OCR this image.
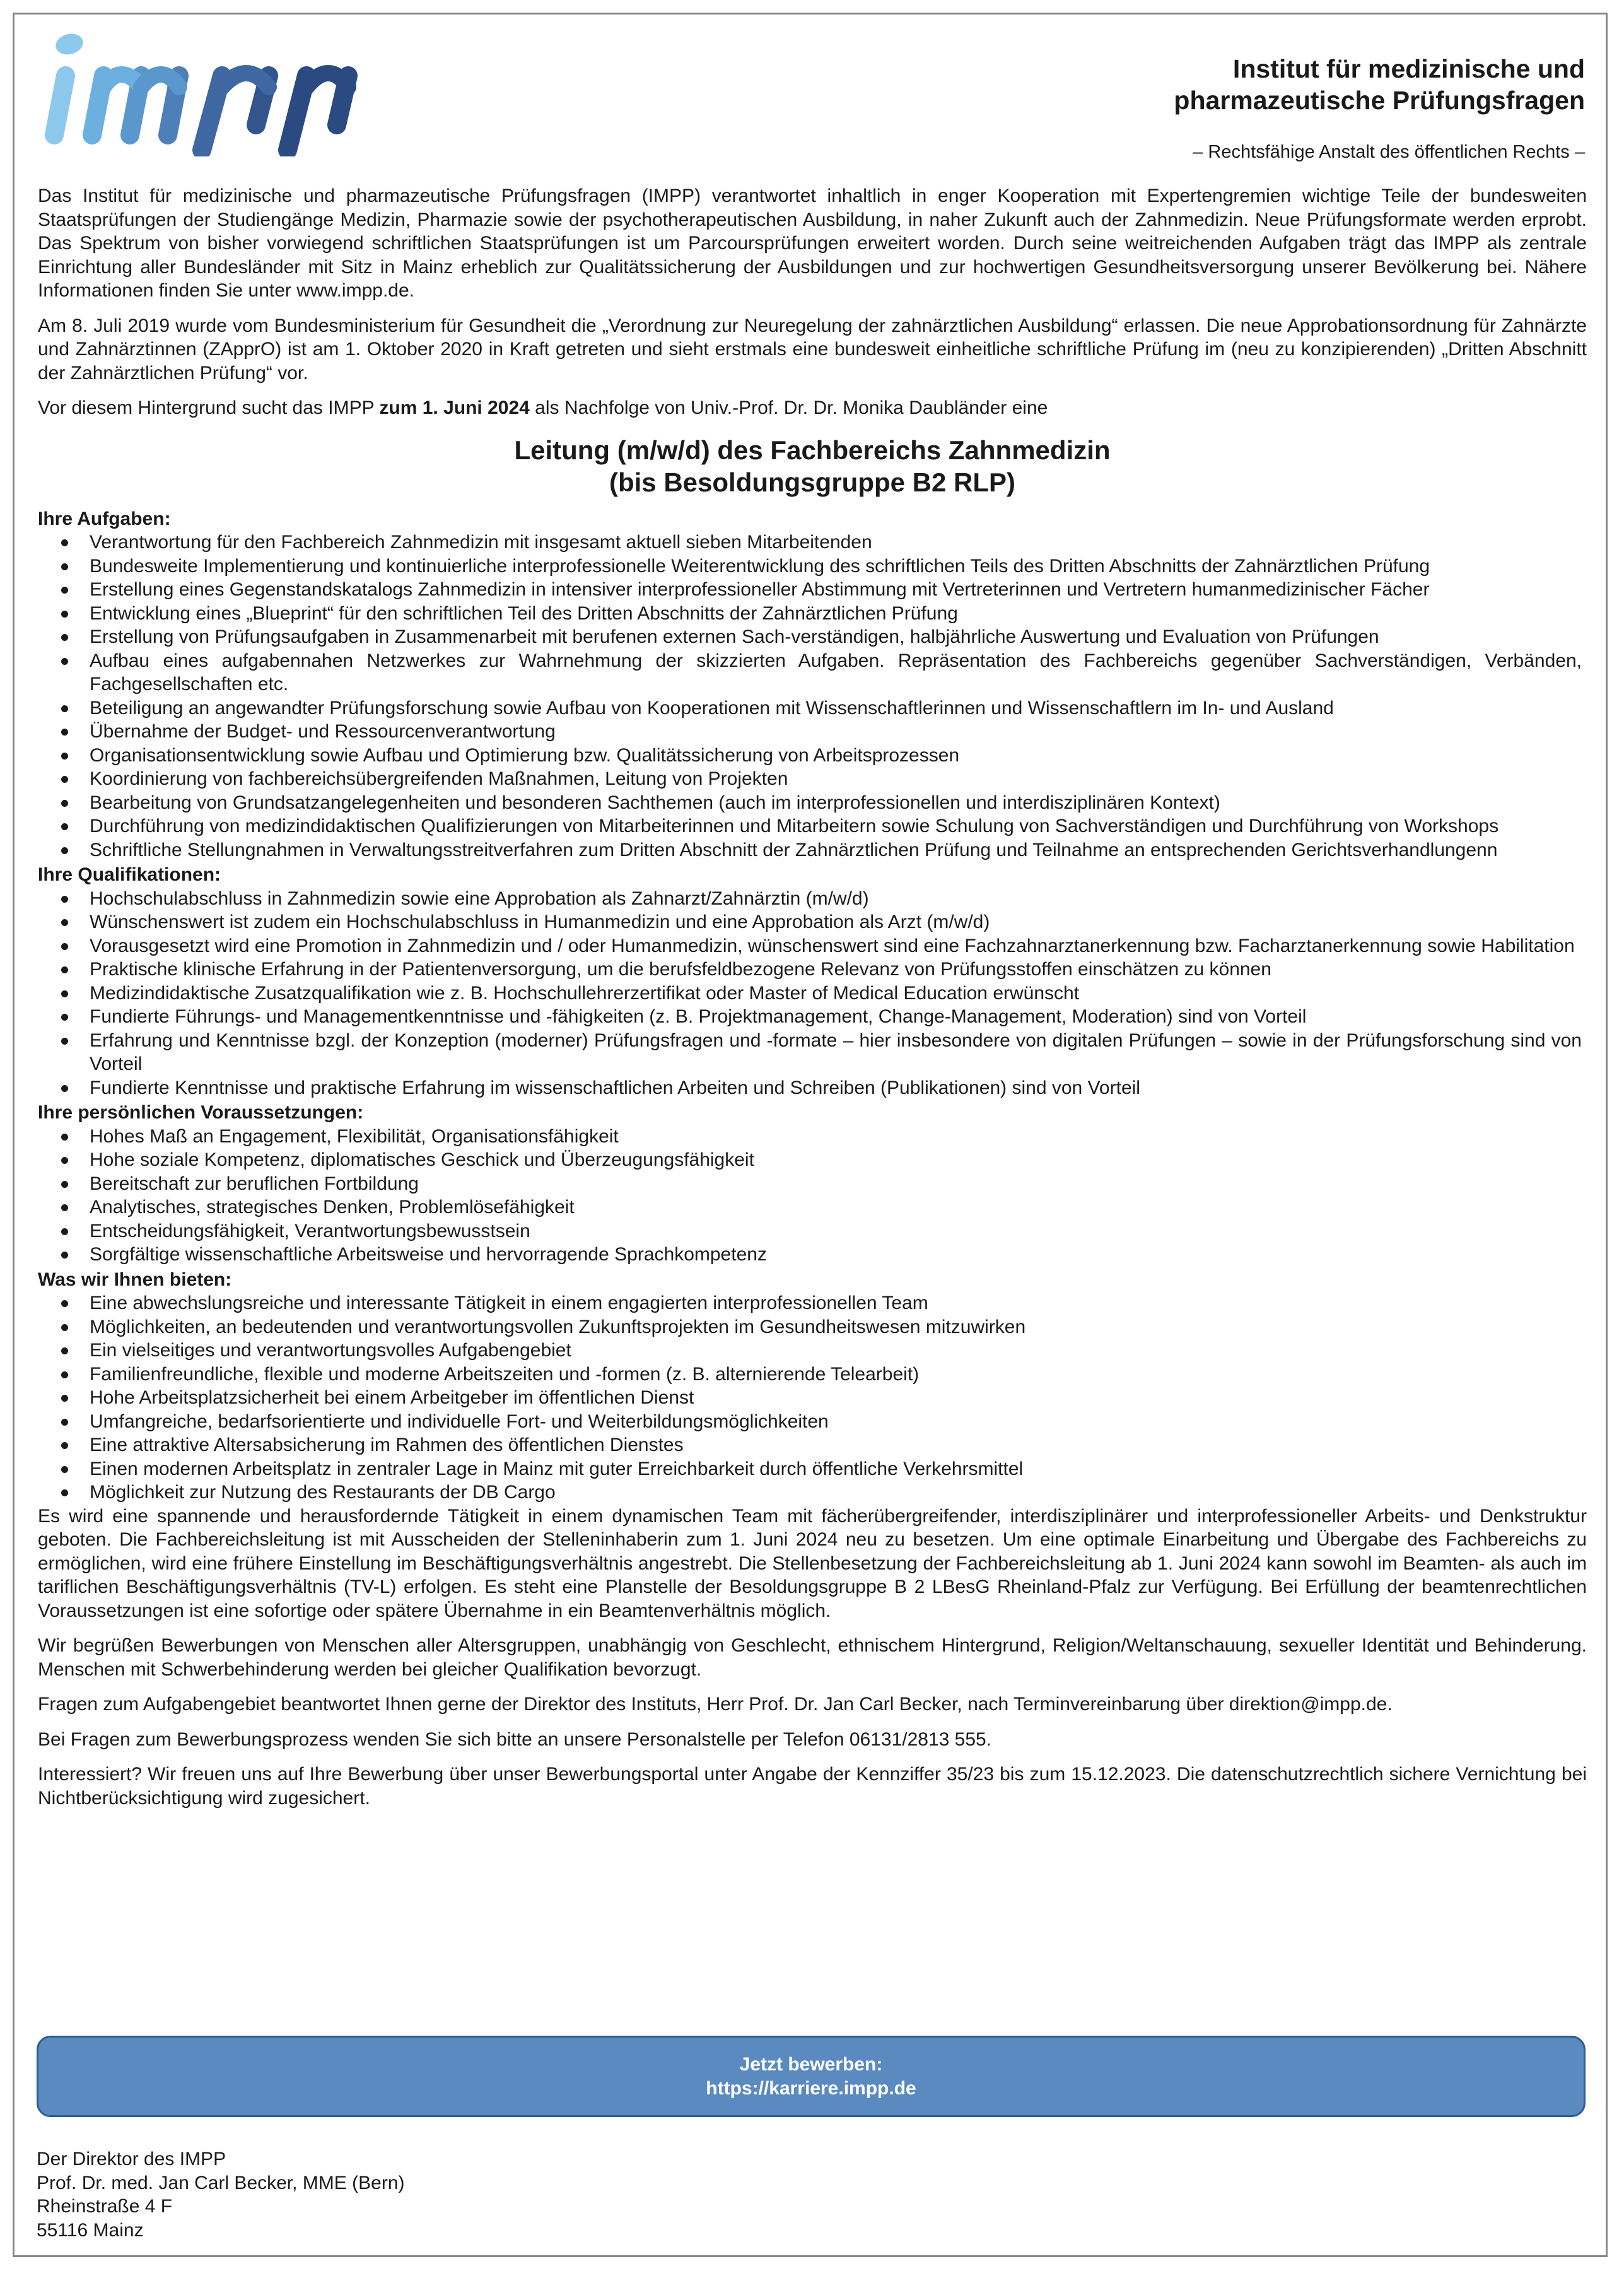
Institut für medizinische und
pharmazeutische Prüfungsfragen
– Rechtsfähige Anstalt des öffentlichen Rechts –

Das Institut für medizinische und pharmazeutische Prüfungsfragen (IMPP) verantwortet inhaltlich in enger Kooperation mit Expertengremien wichtige Teile der bundesweiten Staatsprüfungen der Studiengänge Medizin, Pharmazie sowie der psychotherapeutischen Ausbildung, in naher Zukunft auch der Zahnmedizin. Neue Prüfungsformate werden erprobt. Das Spektrum von bisher vorwiegend schriftlichen Staatsprüfungen ist um Parcoursprüfungen erweitert worden. Durch seine weitreichenden Aufgaben trägt das IMPP als zentrale Einrichtung aller Bundesländer mit Sitz in Mainz erheblich zur Qualitätssicherung der Ausbildungen und zur hochwertigen Gesundheitsversorgung unserer Bevölkerung bei. Nähere Informationen finden Sie unter www.impp.de.

Am 8. Juli 2019 wurde vom Bundesministerium für Gesundheit die „Verordnung zur Neuregelung der zahnärztlichen Ausbildung“ erlassen. Die neue Approbationsordnung für Zahnärzte und Zahnärztinnen (ZApprO) ist am 1. Oktober 2020 in Kraft getreten und sieht erstmals eine bundesweit einheitliche schriftliche Prüfung im (neu zu konzipierenden) „Dritten Abschnitt der Zahnärztlichen Prüfung“ vor.

Vor diesem Hintergrund sucht das IMPP zum 1. Juni 2024 als Nachfolge von Univ.-Prof. Dr. Dr. Monika Daubländer eine

Leitung (m/w/d) des Fachbereichs Zahnmedizin
(bis Besoldungsgruppe B2 RLP)
Ihre Aufgaben:
Verantwortung für den Fachbereich Zahnmedizin mit insgesamt aktuell sieben Mitarbeitenden
Bundesweite Implementierung und kontinuierliche interprofessionelle Weiterentwicklung des schriftlichen Teils des Dritten Abschnitts der Zahnärztlichen Prüfung
Erstellung eines Gegenstandskatalogs Zahnmedizin in intensiver interprofessioneller Abstimmung mit Vertreterinnen und Vertretern humanmedizinischer Fächer
Entwicklung eines „Blueprint“ für den schriftlichen Teil des Dritten Abschnitts der Zahnärztlichen Prüfung
Erstellung von Prüfungsaufgaben in Zusammenarbeit mit berufenen externen Sach-verständigen, halbjährliche Auswertung und Evaluation von Prüfungen
Aufbau eines aufgabennahen Netzwerkes zur Wahrnehmung der skizzierten Aufgaben. Repräsentation des Fachbereichs gegenüber Sachverständigen, Verbänden, Fachgesellschaften etc.
Beteiligung an angewandter Prüfungsforschung sowie Aufbau von Kooperationen mit Wissenschaftlerinnen und Wissenschaftlern im In- und Ausland
Übernahme der Budget- und Ressourcenverantwortung
Organisationsentwicklung sowie Aufbau und Optimierung bzw. Qualitätssicherung von Arbeitsprozessen
Koordinierung von fachbereichsübergreifenden Maßnahmen, Leitung von Projekten
Bearbeitung von Grundsatzangelegenheiten und besonderen Sachthemen (auch im interprofessionellen und interdisziplinären Kontext)
Durchführung von medizindidaktischen Qualifizierungen von Mitarbeiterinnen und Mitarbeitern sowie Schulung von Sachverständigen und Durchführung von Workshops
Schriftliche Stellungnahmen in Verwaltungsstreitverfahren zum Dritten Abschnitt der Zahnärztlichen Prüfung und Teilnahme an entsprechenden Gerichtsverhandlungenn
Ihre Qualifikationen:
Hochschulabschluss in Zahnmedizin sowie eine Approbation als Zahnarzt/Zahnärztin (m/w/d)
Wünschenswert ist zudem ein Hochschulabschluss in Humanmedizin und eine Approbation als Arzt (m/w/d)
Vorausgesetzt wird eine Promotion in Zahnmedizin und / oder Humanmedizin, wünschenswert sind eine Fachzahnarztanerkennung bzw. Facharztanerkennung sowie Habilitation
Praktische klinische Erfahrung in der Patientenversorgung, um die berufsfeldbezogene Relevanz von Prüfungsstoffen einschätzen zu können
Medizindidaktische Zusatzqualifikation wie z. B. Hochschullehrerzertifikat oder Master of Medical Education erwünscht
Fundierte Führungs- und Managementkenntnisse und -fähigkeiten (z. B. Projektmanagement, Change-Management, Moderation) sind von Vorteil
Erfahrung und Kenntnisse bzgl. der Konzeption (moderner) Prüfungsfragen und -formate – hier insbesondere von digitalen Prüfungen – sowie in der Prüfungsforschung sind von Vorteil
Fundierte Kenntnisse und praktische Erfahrung im wissenschaftlichen Arbeiten und Schreiben (Publikationen) sind von Vorteil
Ihre persönlichen Voraussetzungen:
Hohes Maß an Engagement, Flexibilität, Organisationsfähigkeit
Hohe soziale Kompetenz, diplomatisches Geschick und Überzeugungsfähigkeit
Bereitschaft zur beruflichen Fortbildung
Analytisches, strategisches Denken, Problemlösefähigkeit
Entscheidungsfähigkeit, Verantwortungsbewusstsein
Sorgfältige wissenschaftliche Arbeitsweise und hervorragende Sprachkompetenz
Was wir Ihnen bieten:
Eine abwechslungsreiche und interessante Tätigkeit in einem engagierten interprofessionellen Team
Möglichkeiten, an bedeutenden und verantwortungsvollen Zukunftsprojekten im Gesundheitswesen mitzuwirken
Ein vielseitiges und verantwortungsvolles Aufgabengebiet
Familienfreundliche, flexible und moderne Arbeitszeiten und -formen (z. B. alternierende Telearbeit)
Hohe Arbeitsplatzsicherheit bei einem Arbeitgeber im öffentlichen Dienst
Umfangreiche, bedarfsorientierte und individuelle Fort- und Weiterbildungsmöglichkeiten
Eine attraktive Altersabsicherung im Rahmen des öffentlichen Dienstes
Einen modernen Arbeitsplatz in zentraler Lage in Mainz mit guter Erreichbarkeit durch öffentliche Verkehrsmittel
Möglichkeit zur Nutzung des Restaurants der DB Cargo

Es wird eine spannende und herausfordernde Tätigkeit in einem dynamischen Team mit fächerübergreifender, interdisziplinärer und interprofessioneller Arbeits- und Denkstruktur geboten. Die Fachbereichsleitung ist mit Ausscheiden der Stelleninhaberin zum 1. Juni 2024 neu zu besetzen. Um eine optimale Einarbeitung und Übergabe des Fachbereichs zu ermöglichen, wird eine frühere Einstellung im Beschäftigungsverhältnis angestrebt. Die Stellenbesetzung der Fachbereichsleitung ab 1. Juni 2024 kann sowohl im Beamten- als auch im tariflichen Beschäftigungsverhältnis (TV-L) erfolgen. Es steht eine Planstelle der Besoldungsgruppe B 2 LBesG Rheinland-Pfalz zur Verfügung. Bei Erfüllung der beamtenrechtlichen Voraussetzungen ist eine sofortige oder spätere Übernahme in ein Beamtenverhältnis möglich.

Wir begrüßen Bewerbungen von Menschen aller Altersgruppen, unabhängig von Geschlecht, ethnischem Hintergrund, Religion/Weltanschauung, sexueller Identität und Behinderung. Menschen mit Schwerbehinderung werden bei gleicher Qualifikation bevorzugt.

Fragen zum Aufgabengebiet beantwortet Ihnen gerne der Direktor des Instituts, Herr Prof. Dr. Jan Carl Becker, nach Terminvereinbarung über direktion@impp.de.

Bei Fragen zum Bewerbungsprozess wenden Sie sich bitte an unsere Personalstelle per Telefon 06131/2813 555.

Interessiert? Wir freuen uns auf Ihre Bewerbung über unser Bewerbungsportal unter Angabe der Kennziffer 35/23 bis zum 15.12.2023. Die datenschutzrechtlich sichere Vernichtung bei Nichtberücksichtigung wird zugesichert.

Jetzt bewerben:
https://karriere.impp.de
Der Direktor des IMPP
Prof. Dr. med. Jan Carl Becker, MME (Bern)
Rheinstraße 4 F
55116 Mainz
